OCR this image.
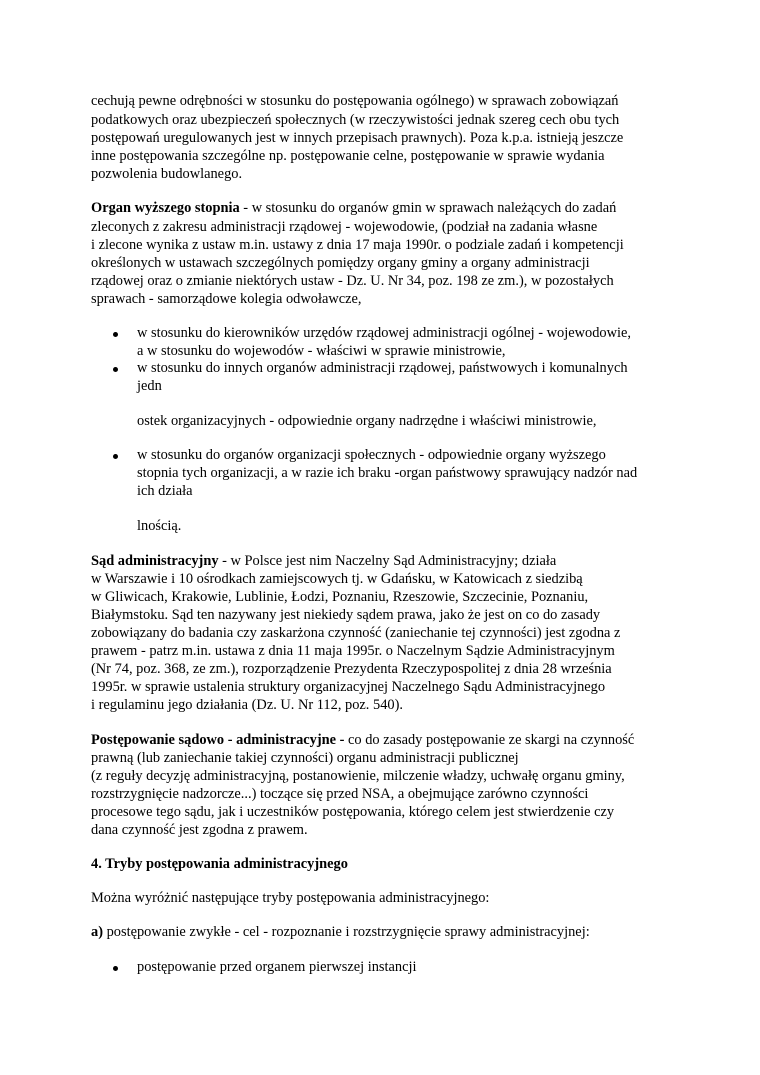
cechują pewne odrębności w stosunku do postępowania ogólnego) w sprawach zobowiązań
podatkowych oraz ubezpieczeń społecznych (w rzeczywistości jednak szereg cech obu tych
postępowań uregulowanych jest w innych przepisach prawnych). Poza k.p.a. istnieją jeszcze
inne postępowania szczególne np. postępowanie celne, postępowanie w sprawie wydania
pozwolenia budowlanego.
Organ wyższego stopnia - w stosunku do organów gmin w sprawach należących do zadań
zleconych z zakresu administracji rządowej - wojewodowie, (podział na zadania własne
i zlecone wynika z ustaw m.in. ustawy z dnia 17 maja 1990r. o podziale zadań i kompetencji
określonych w ustawach szczególnych pomiędzy organy gminy a organy administracji
rządowej oraz o zmianie niektórych ustaw - Dz. U. Nr 34, poz. 198 ze zm.), w pozostałych
sprawach - samorządowe kolegia odwoławcze,
w stosunku do kierowników urzędów rządowej administracji ogólnej - wojewodowie,
a w stosunku do wojewodów - właściwi w sprawie ministrowie,
w stosunku do innych organów administracji rządowej, państwowych i komunalnych
jedn
ostek organizacyjnych - odpowiednie organy nadrzędne i właściwi ministrowie,
w stosunku do organów organizacji społecznych - odpowiednie organy wyższego
stopnia tych organizacji, a w razie ich braku -organ państwowy sprawujący nadzór nad
ich działa
lnością.
Sąd administracyjny - w Polsce jest nim Naczelny Sąd Administracyjny; działa
w Warszawie i 10 ośrodkach zamiejscowych tj. w Gdańsku, w Katowicach z siedzibą
w Gliwicach, Krakowie, Lublinie, Łodzi, Poznaniu, Rzeszowie, Szczecinie, Poznaniu,
Białymstoku. Sąd ten nazywany jest niekiedy sądem prawa, jako że jest on co do zasady
zobowiązany do badania czy zaskarżona czynność (zaniechanie tej czynności) jest zgodna z
prawem - patrz m.in. ustawa z dnia 11 maja 1995r. o Naczelnym Sądzie Administracyjnym
(Nr 74, poz. 368, ze zm.), rozporządzenie Prezydenta Rzeczypospolitej z dnia 28 września
1995r. w sprawie ustalenia struktury organizacyjnej Naczelnego Sądu Administracyjnego
i regulaminu jego działania (Dz. U. Nr 112, poz. 540).
Postępowanie sądowo - administracyjne - co do zasady postępowanie ze skargi na czynność
prawną (lub zaniechanie takiej czynności) organu administracji publicznej
(z reguły decyzję administracyjną, postanowienie, milczenie władzy, uchwałę organu gminy,
rozstrzygnięcie nadzorcze...) toczące się przed NSA, a obejmujące zarówno czynności
procesowe tego sądu, jak i uczestników postępowania, którego celem jest stwierdzenie czy
dana czynność jest zgodna z prawem.
4. Tryby postępowania administracyjnego
Można wyróżnić następujące tryby postępowania administracyjnego:
a) postępowanie zwykłe - cel - rozpoznanie i rozstrzygnięcie sprawy administracyjnej:
postępowanie przed organem pierwszej instancji
